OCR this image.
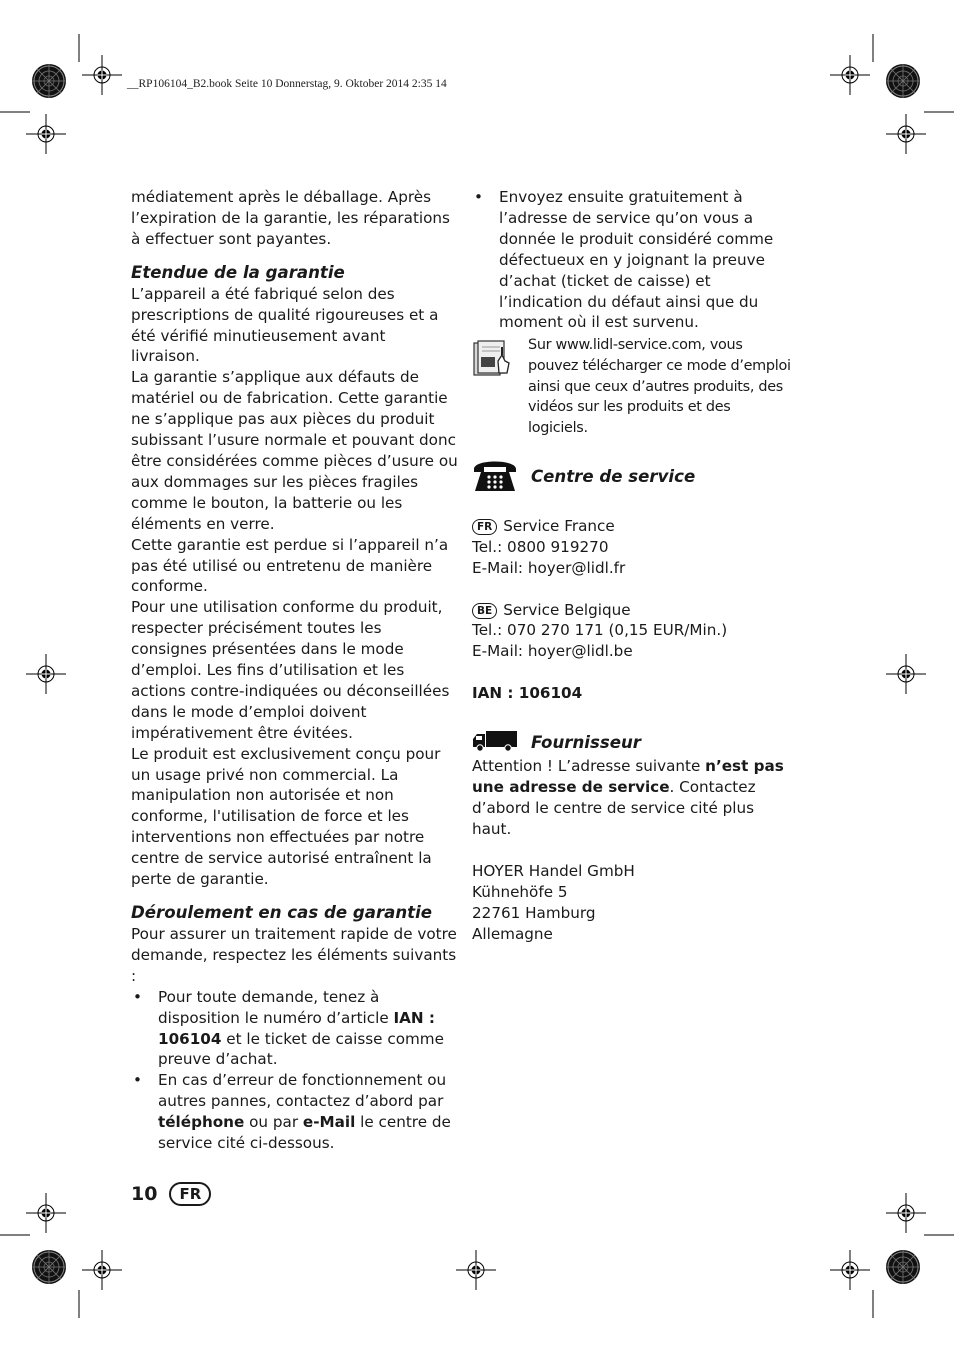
__RP106104_B2.book Seite 10 Donnerstag, 9. Oktober 2014 2:35 14

médiatement après le déballage. Après l’expiration de la garantie, les réparations à effectuer sont payantes.

Etendue de la garantie

L’appareil a été fabriqué selon des prescriptions de qualité rigoureuses et a été vérifié minutieusement avant livraison.

La garantie s’applique aux défauts de matériel ou de fabrication. Cette garantie ne s’applique pas aux pièces du produit subissant l’usure normale et pouvant donc être considérées comme pièces d’usure ou aux dommages sur les pièces fragiles comme le bouton, la batterie ou les éléments en verre.

Cette garantie est perdue si l’appareil n’a pas été utilisé ou entretenu de manière conforme.

Pour une utilisation conforme du produit, respecter précisément toutes les consignes présentées dans le mode d’emploi. Les fins d’utilisation et les actions contre-indiquées ou déconseillées dans le mode d’emploi doivent impérativement être évitées.

Le produit est exclusivement conçu pour un usage privé non commercial. La manipulation non autorisée et non conforme, l'utilisation de force et les interventions non effectuées par notre centre de service autorisé entraînent la perte de garantie.

Déroulement en cas de garantie

Pour assurer un traitement rapide de votre demande, respectez les éléments suivants :

• Pour toute demande, tenez à disposition le numéro d’article IAN : 106104 et le ticket de caisse comme preuve d’achat.
• En cas d’erreur de fonctionnement ou autres pannes, contactez d’abord par téléphone ou par e-Mail le centre de service cité ci-dessous.
• Envoyez ensuite gratuitement à l’adresse de service qu’on vous a donnée le produit considéré comme défectueux en y joignant la preuve d’achat (ticket de caisse) et l’indication du défaut ainsi que du moment où il est survenu.

Sur www.lidl-service.com, vous pouvez télécharger ce mode d’emploi ainsi que ceux d’autres produits, des vidéos sur les produits et des logiciels.

Centre de service

FR Service France

Tel.: 0800 919270

E-Mail: hoyer@lidl.fr

BE Service Belgique

Tel.: 070 270 171 (0,15 EUR/Min.)

E-Mail: hoyer@lidl.be

IAN : 106104

Fournisseur

Attention ! L’adresse suivante n’est pas une adresse de service. Contactez d’abord le centre de service cité plus haut.

HOYER Handel GmbH

Kühnehöfe 5

22761 Hamburg

Allemagne

10	FR
